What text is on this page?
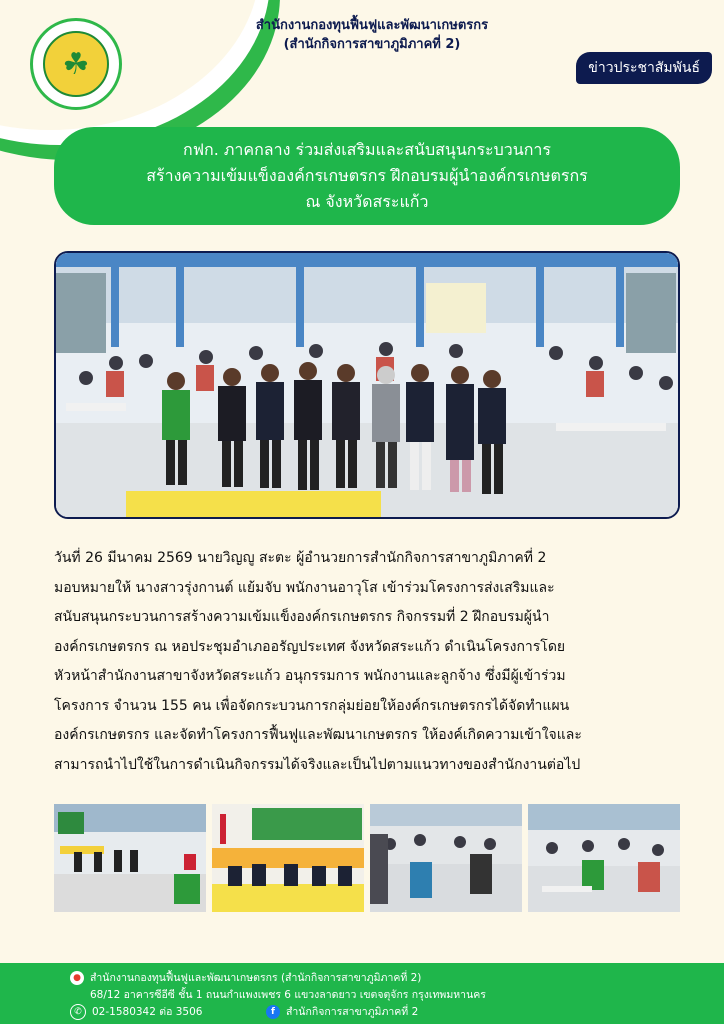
☘
สำนักงานกองทุนฟื้นฟูและพัฒนาเกษตรกร
(สำนักกิจการสาขาภูมิภาคที่ 2)
ข่าวประชาสัมพันธ์
กฟก. ภาคกลาง ร่วมส่งเสริมและสนับสนุนกระบวนการ
สร้างความเข้มแข็งองค์กรเกษตรกร ฝึกอบรมผู้นำองค์กรเกษตรกร
ณ จังหวัดสระแก้ว
วันที่ 26 มีนาคม 2569 นายวิญญู สะตะ ผู้อำนวยการสำนักกิจการสาขาภูมิภาคที่ 2
มอบหมายให้ นางสาวรุ่งกานต์ แย้มจับ พนักงานอาวุโส เข้าร่วมโครงการส่งเสริมและ
สนับสนุนกระบวนการสร้างความเข้มแข็งองค์กรเกษตรกร กิจกรรมที่ 2 ฝึกอบรมผู้นำ
องค์กรเกษตรกร ณ หอประชุมอำเภออรัญประเทศ จังหวัดสระแก้ว ดำเนินโครงการโดย
หัวหน้าสำนักงานสาขาจังหวัดสระแก้ว อนุกรรมการ พนักงานและลูกจ้าง ซึ่งมีผู้เข้าร่วม
โครงการ จำนวน 155 คน เพื่อจัดกระบวนการกลุ่มย่อยให้องค์กรเกษตรกรได้จัดทำแผน
องค์กรเกษตรกร และจัดทำโครงการฟื้นฟูและพัฒนาเกษตรกร ให้องค์เกิดความเข้าใจและ
สามารถนำไปใช้ในการดำเนินกิจกรรมได้จริงและเป็นไปตามแนวทางของสำนักงานต่อไป
● สำนักงานกองทุนฟื้นฟูและพัฒนาเกษตรกร (สำนักกิจการสาขาภูมิภาคที่ 2)
68/12 อาคารซีอีซี ชั้น 1 ถนนกำแพงเพชร 6 แขวงลาดยาว เขตจตุจักร กรุงเทพมหานคร
✆ 02-1580342 ต่อ 3506	f	สำนักกิจการสาขาภูมิภาคที่ 2
